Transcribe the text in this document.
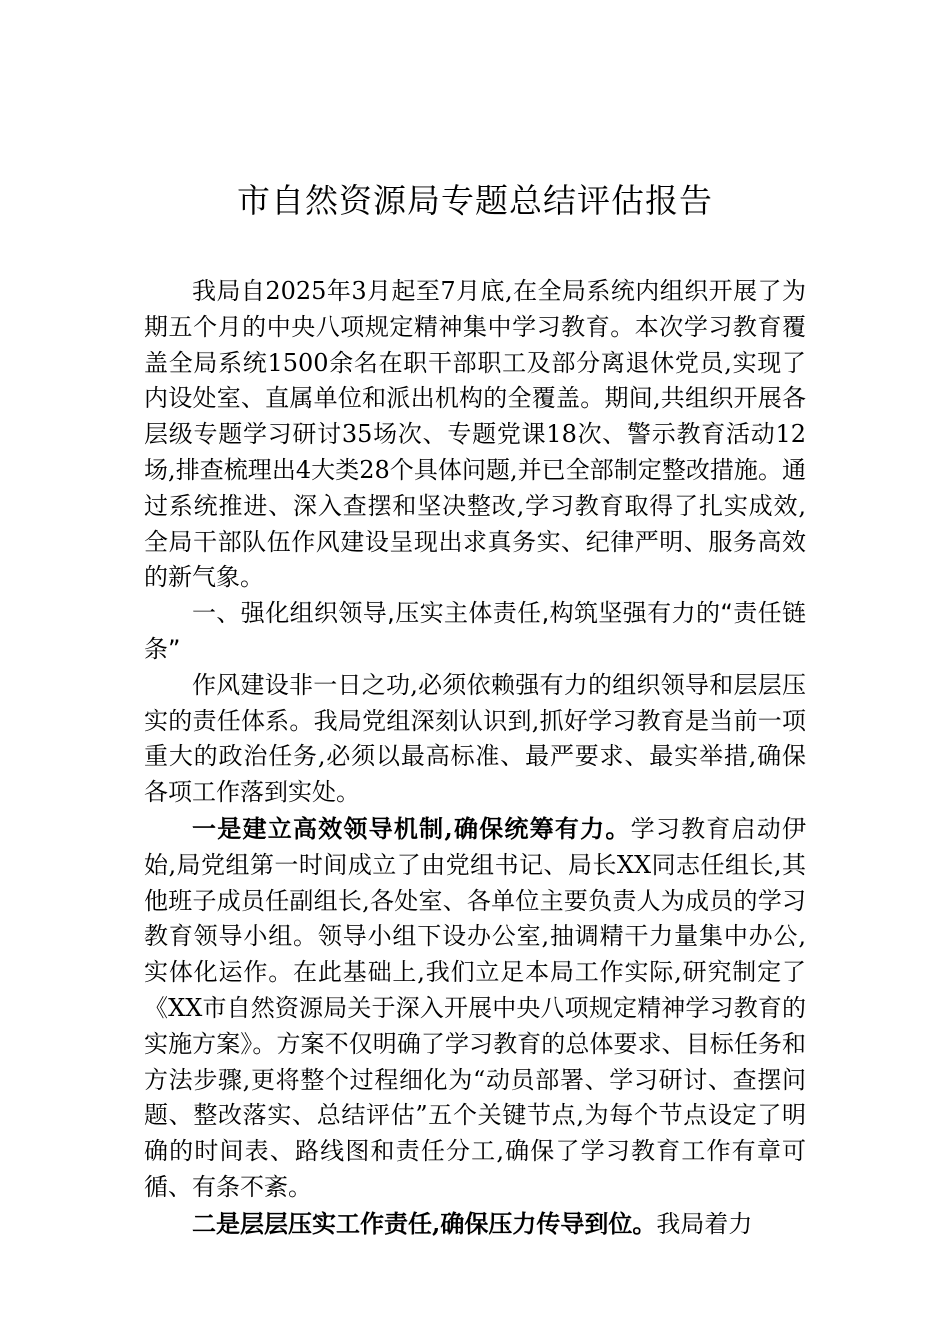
市自然资源局专题总结评估报告

我局自2025年3月起至7月底,在全局系统内组织开展了为期五个月的中央八项规定精神集中学习教育。本次学习教育覆盖全局系统1500余名在职干部职工及部分离退休党员,实现了内设处室、直属单位和派出机构的全覆盖。期间,共组织开展各层级专题学习研讨35场次、专题党课18次、警示教育活动12场,排查梳理出4大类28个具体问题,并已全部制定整改措施。通过系统推进、深入查摆和坚决整改,学习教育取得了扎实成效,全局干部队伍作风建设呈现出求真务实、纪律严明、服务高效的新气象。

一、强化组织领导,压实主体责任,构筑坚强有力的“责任链条”

作风建设非一日之功,必须依赖强有力的组织领导和层层压实的责任体系。我局党组深刻认识到,抓好学习教育是当前一项重大的政治任务,必须以最高标准、最严要求、最实举措,确保各项工作落到实处。

一是建立高效领导机制,确保统筹有力。学习教育启动伊始,局党组第一时间成立了由党组书记、局长XX同志任组长,其他班子成员任副组长,各处室、各单位主要负责人为成员的学习教育领导小组。领导小组下设办公室,抽调精干力量集中办公,实体化运作。在此基础上,我们立足本局工作实际,研究制定了《XX市自然资源局关于深入开展中央八项规定精神学习教育的实施方案》。方案不仅明确了学习教育的总体要求、目标任务和方法步骤,更将整个过程细化为“动员部署、学习研讨、查摆问题、整改落实、总结评估”五个关键节点,为每个节点设定了明确的时间表、路线图和责任分工,确保了学习教育工作有章可循、有条不紊。

二是层层压实工作责任,确保压力传导到位。我局着力
